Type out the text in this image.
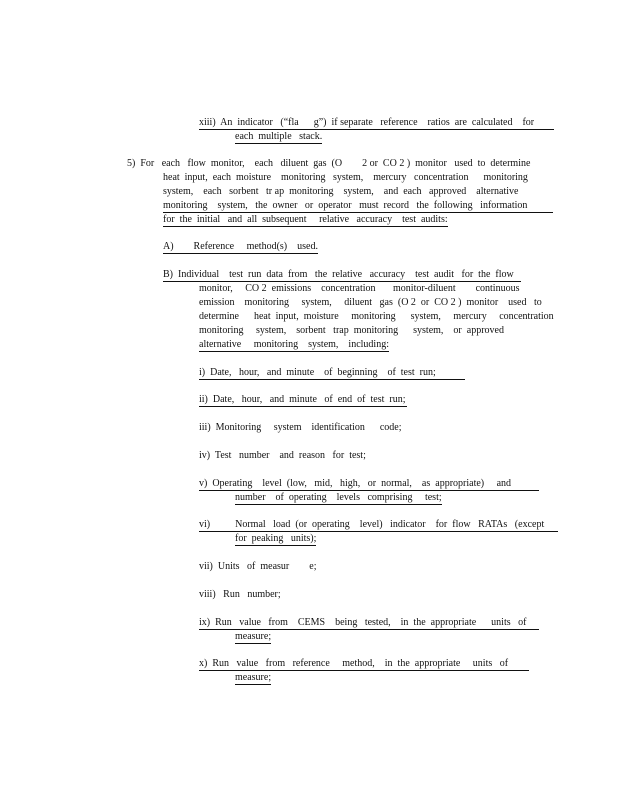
xiii)  An  indicator   (“fla      g”)  if separate   reference    ratios  are  calculated    for
each  multiple   stack.
5)  For   each   flow  monitor,    each   diluent  gas  (O        2 or  CO 2 )  monitor   used  to  determine
heat  input,  each  moisture    monitoring   system,    mercury   concentration      monitoring
system,    each   sorbent   tr ap  monitoring    system,    and  each   approved    alternative
monitoring    system,   the  owner   or  operator   must  record   the  following   information
for  the  initial   and  all  subsequent     relative   accuracy    test  audits:
A)        Reference     method(s)    used.
B)  Individual    test  run  data  from   the  relative   accuracy    test  audit   for  the  flow
monitor,     CO 2  emissions    concentration       monitor-diluent        continuous
emission    monitoring     system,     diluent   gas  (O 2  or  CO 2 )  monitor    used   to
determine      heat  input,  moisture     monitoring      system,     mercury     concentration
monitoring     system,    sorbent   trap  monitoring      system,    or  approved
alternative     monitoring    system,    including:
i)  Date,   hour,   and  minute    of  beginning    of  test  run;
ii)  Date,   hour,   and  minute   of  end  of  test  run;
iii)  Monitoring     system    identification      code;
iv)  Test   number    and  reason   for  test;
v)  Operating    level  (low,   mid,   high,   or  normal,    as  appropriate)     and
number    of  operating    levels   comprising     test;
vi)          Normal   load  (or  operating    level)   indicator    for  flow   RATAs   (except
for  peaking   units);
vii)  Units   of  measur        e;
viii)   Run   number;
ix)  Run   value   from    CEMS    being   tested,    in  the  appropriate      units   of
measure;
x)  Run   value   from   reference     method,    in  the  appropriate     units   of
measure;
